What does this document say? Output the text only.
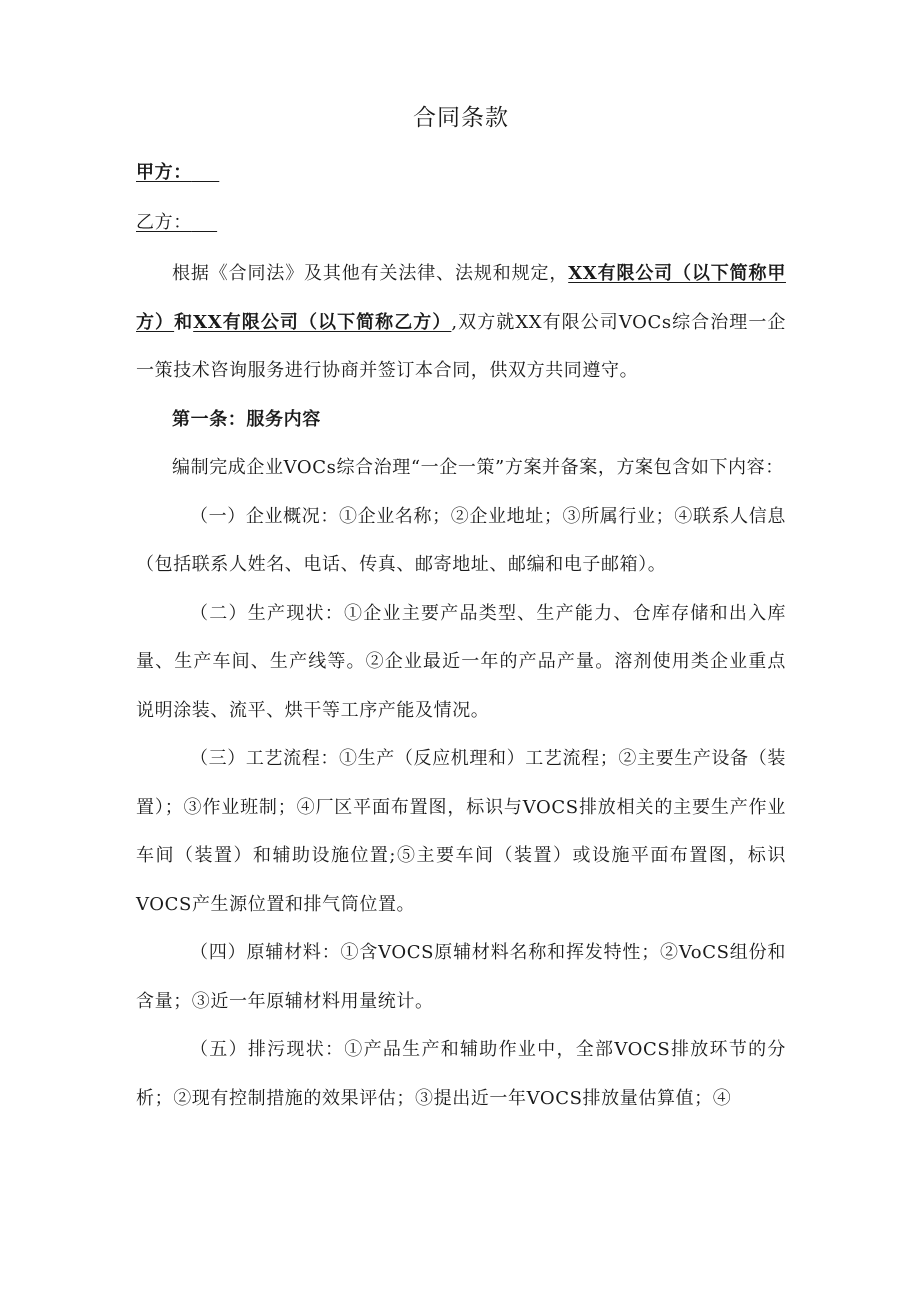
合同条款

甲方：

乙方：

根据《合同法》及其他有关法律、法规和规定，XX有限公司（以下简称甲方）和XX有限公司（以下简称乙方）,双方就XX有限公司VOCs综合治理一企一策技术咨询服务进行协商并签订本合同，供双方共同遵守。

第一条：服务内容

编制完成企业VOCs综合治理“一企一策”方案并备案，方案包含如下内容：

（一）企业概况：①企业名称；②企业地址；③所属行业；④联系人信息（包括联系人姓名、电话、传真、邮寄地址、邮编和电子邮箱）。

（二）生产现状：①企业主要产品类型、生产能力、仓库存储和出入库量、生产车间、生产线等。②企业最近一年的产品产量。溶剂使用类企业重点说明涂装、流平、烘干等工序产能及情况。

（三）工艺流程：①生产（反应机理和）工艺流程；②主要生产设备（装置）；③作业班制；④厂区平面布置图，标识与VOCS排放相关的主要生产作业车间（装置）和辅助设施位置;⑤主要车间（装置）或设施平面布置图，标识VOCS产生源位置和排气筒位置。

（四）原辅材料：①含VOCS原辅材料名称和挥发特性；②VoCS组份和含量；③近一年原辅材料用量统计。

（五）排污现状：①产品生产和辅助作业中，全部VOCS排放环节的分析；②现有控制措施的效果评估；③提出近一年VOCS排放量估算值；④
